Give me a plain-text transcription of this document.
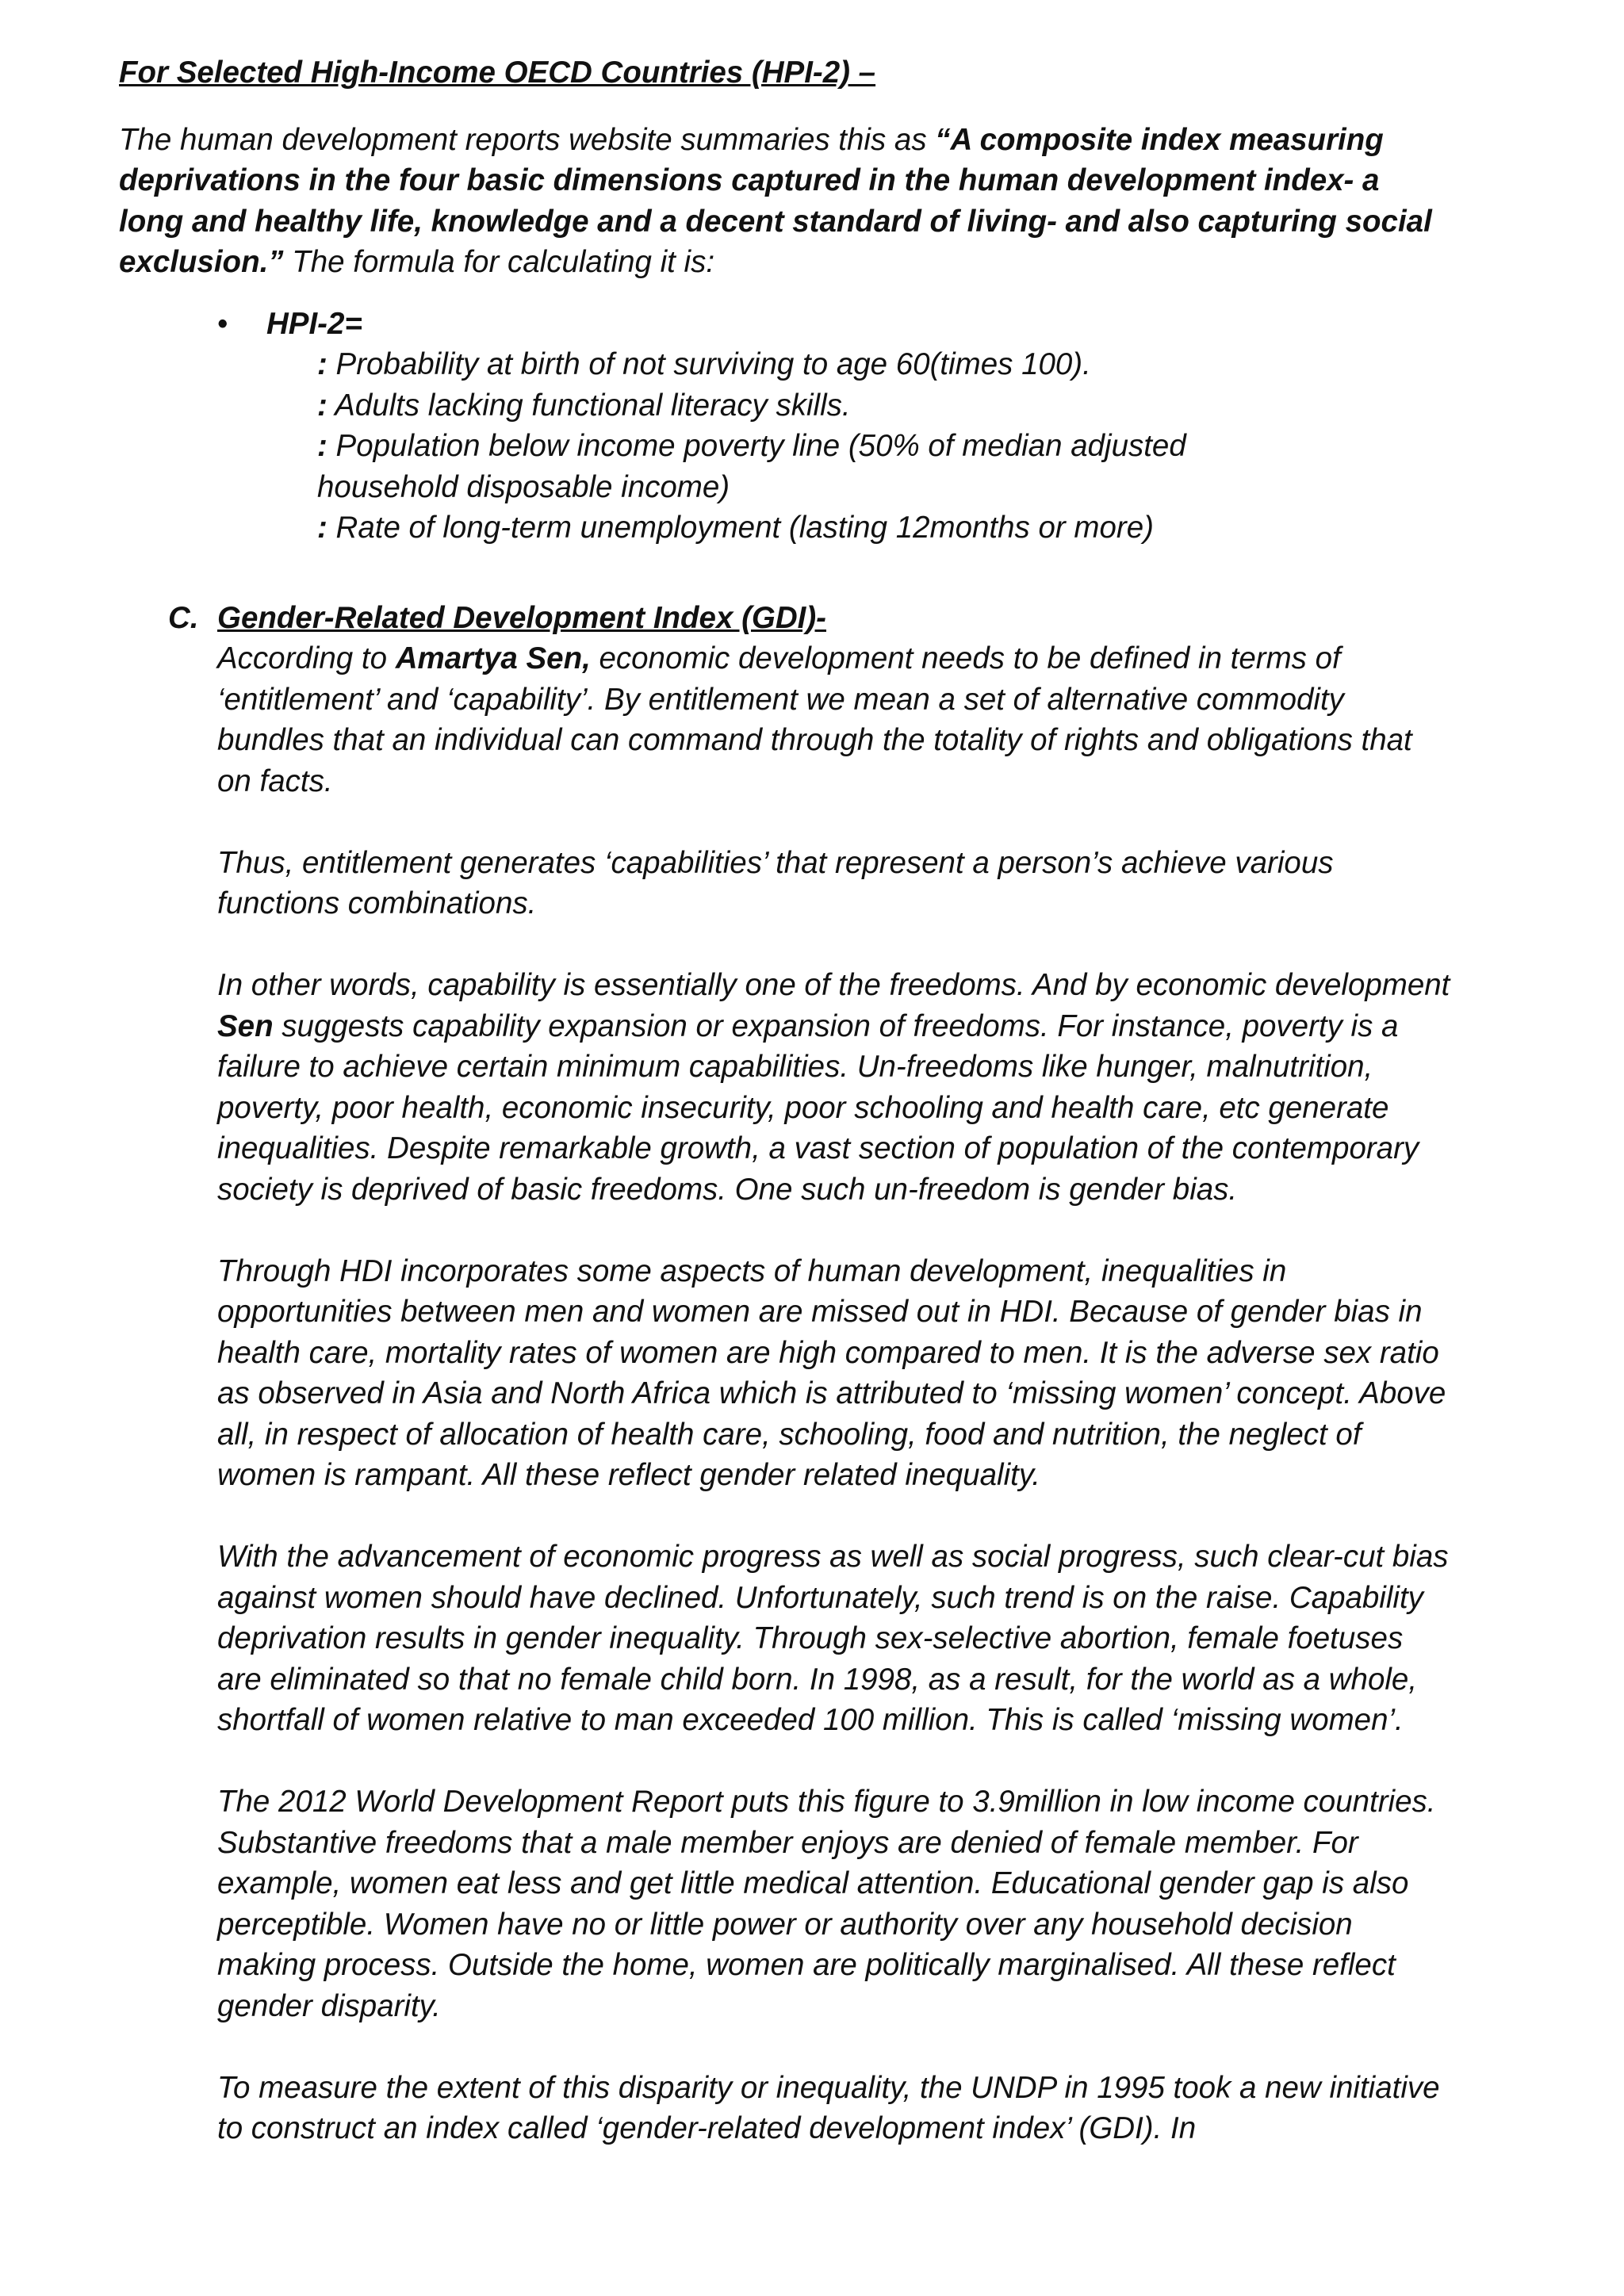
For Selected High-Income OECD Countries (HPI-2) –

The human development reports website summaries this as “A composite index measuring deprivations in the four basic dimensions captured in the human development index- a long and healthy life, knowledge and a decent standard of living- and also capturing social exclusion.” The formula for calculating it is:

• HPI-2=
: Probability at birth of not surviving to age 60(times 100).
: Adults lacking functional literacy skills.
: Population below income poverty line (50% of median adjusted household disposable income)
: Rate of long-term unemployment (lasting 12months or more)
C. Gender-Related Development Index (GDI)-

According to Amartya Sen, economic development needs to be defined in terms of ‘entitlement’ and ‘capability’. By entitlement we mean a set of alternative commodity bundles that an individual can command through the totality of rights and obligations that on facts.

Thus, entitlement generates ‘capabilities’ that represent a person’s achieve various functions combinations.

In other words, capability is essentially one of the freedoms. And by economic development Sen suggests capability expansion or expansion of freedoms. For instance, poverty is a failure to achieve certain minimum capabilities. Un-freedoms like hunger, malnutrition, poverty, poor health, economic insecurity, poor schooling and health care, etc generate inequalities. Despite remarkable growth, a vast section of population of the contemporary society is deprived of basic freedoms. One such un-freedom is gender bias.

Through HDI incorporates some aspects of human development, inequalities in opportunities between men and women are missed out in HDI. Because of gender bias in health care, mortality rates of women are high compared to men. It is the adverse sex ratio as observed in Asia and North Africa which is attributed to ‘missing women’ concept. Above all, in respect of allocation of health care, schooling, food and nutrition, the neglect of women is rampant. All these reflect gender related inequality.

With the advancement of economic progress as well as social progress, such clear-cut bias against women should have declined. Unfortunately, such trend is on the raise. Capability deprivation results in gender inequality. Through sex-selective abortion, female foetuses are eliminated so that no female child born. In 1998, as a result, for the world as a whole, shortfall of women relative to man exceeded 100 million. This is called ‘missing women’.

The 2012 World Development Report puts this figure to 3.9million in low income countries. Substantive freedoms that a male member enjoys are denied of female member. For example, women eat less and get little medical attention. Educational gender gap is also perceptible. Women have no or little power or authority over any household decision making process. Outside the home, women are politically marginalised. All these reflect gender disparity.

To measure the extent of this disparity or inequality, the UNDP in 1995 took a new initiative to construct an index called ‘gender-related development index’ (GDI). In
